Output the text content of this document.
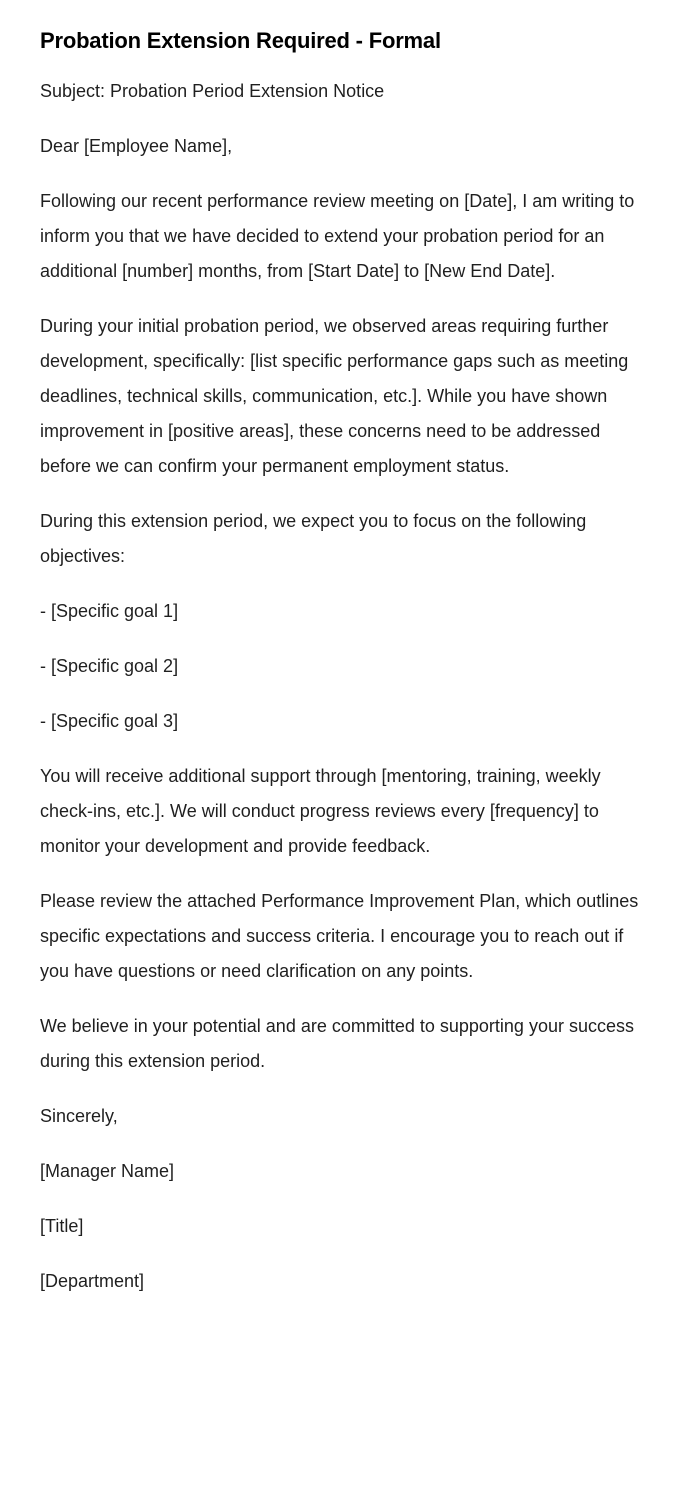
Probation Extension Required - Formal

Subject: Probation Period Extension Notice

Dear [Employee Name],

Following our recent performance review meeting on [Date], I am writing to inform you that we have decided to extend your probation period for an additional [number] months, from [Start Date] to [New End Date].

During your initial probation period, we observed areas requiring further development, specifically: [list specific performance gaps such as meeting deadlines, technical skills, communication, etc.]. While you have shown improvement in [positive areas], these concerns need to be addressed before we can confirm your permanent employment status.

During this extension period, we expect you to focus on the following objectives:

- [Specific goal 1]

- [Specific goal 2]

- [Specific goal 3]

You will receive additional support through [mentoring, training, weekly check-ins, etc.]. We will conduct progress reviews every [frequency] to monitor your development and provide feedback.

Please review the attached Performance Improvement Plan, which outlines specific expectations and success criteria. I encourage you to reach out if you have questions or need clarification on any points.

We believe in your potential and are committed to supporting your success during this extension period.

Sincerely,

[Manager Name]

[Title]

[Department]
